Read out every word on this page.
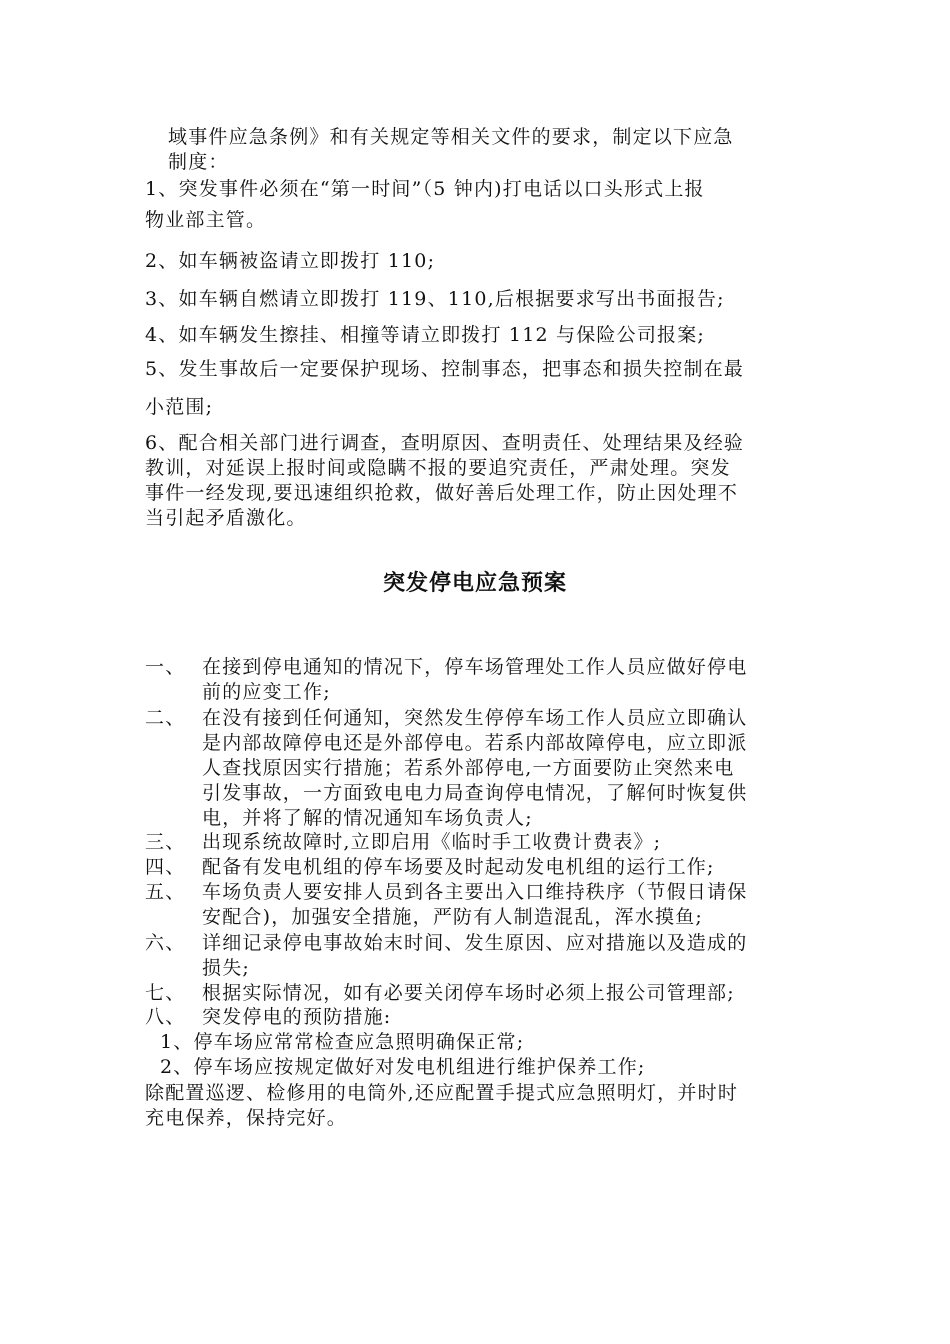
域事件应急条例》和有关规定等相关文件的要求，制定以下应急
制度：
1、突发事件必须在“第一时间”（5 钟内)打电话以口头形式上报
物业部主管。
2、如车辆被盗请立即拨打 110;
3、如车辆自燃请立即拨打 119、110,后根据要求写出书面报告;
4、如车辆发生擦挂、相撞等请立即拨打 112 与保险公司报案;
5、发生事故后一定要保护现场、控制事态，把事态和损失控制在最
小范围;
6、配合相关部门进行调查，查明原因、查明责任、处理结果及经验
教训，对延误上报时间或隐瞒不报的要追究责任，严肃处理。突发
事件一经发现,要迅速组织抢救，做好善后处理工作，防止因处理不
当引起矛盾激化。
突发停电应急预案
一、 在接到停电通知的情况下，停车场管理处工作人员应做好停电
前的应变工作;
二、 在没有接到任何通知，突然发生停停车场工作人员应立即确认
是内部故障停电还是外部停电。若系内部故障停电，应立即派
人查找原因实行措施；若系外部停电,一方面要防止突然来电
引发事故，一方面致电电力局查询停电情况，了解何时恢复供
电，并将了解的情况通知车场负责人;
三、 出现系统故障时,立即启用《临时手工收费计费表》;
四、 配备有发电机组的停车场要及时起动发电机组的运行工作;
五、 车场负责人要安排人员到各主要出入口维持秩序（节假日请保
安配合)，加强安全措施，严防有人制造混乱，浑水摸鱼;
六、 详细记录停电事故始末时间、发生原因、应对措施以及造成的
损失;
七、 根据实际情况，如有必要关闭停车场时必须上报公司管理部;
八、 突发停电的预防措施:
1、停车场应常常检查应急照明确保正常;
2、停车场应按规定做好对发电机组进行维护保养工作;
除配置巡逻、检修用的电筒外,还应配置手提式应急照明灯，并时时
充电保养，保持完好。
